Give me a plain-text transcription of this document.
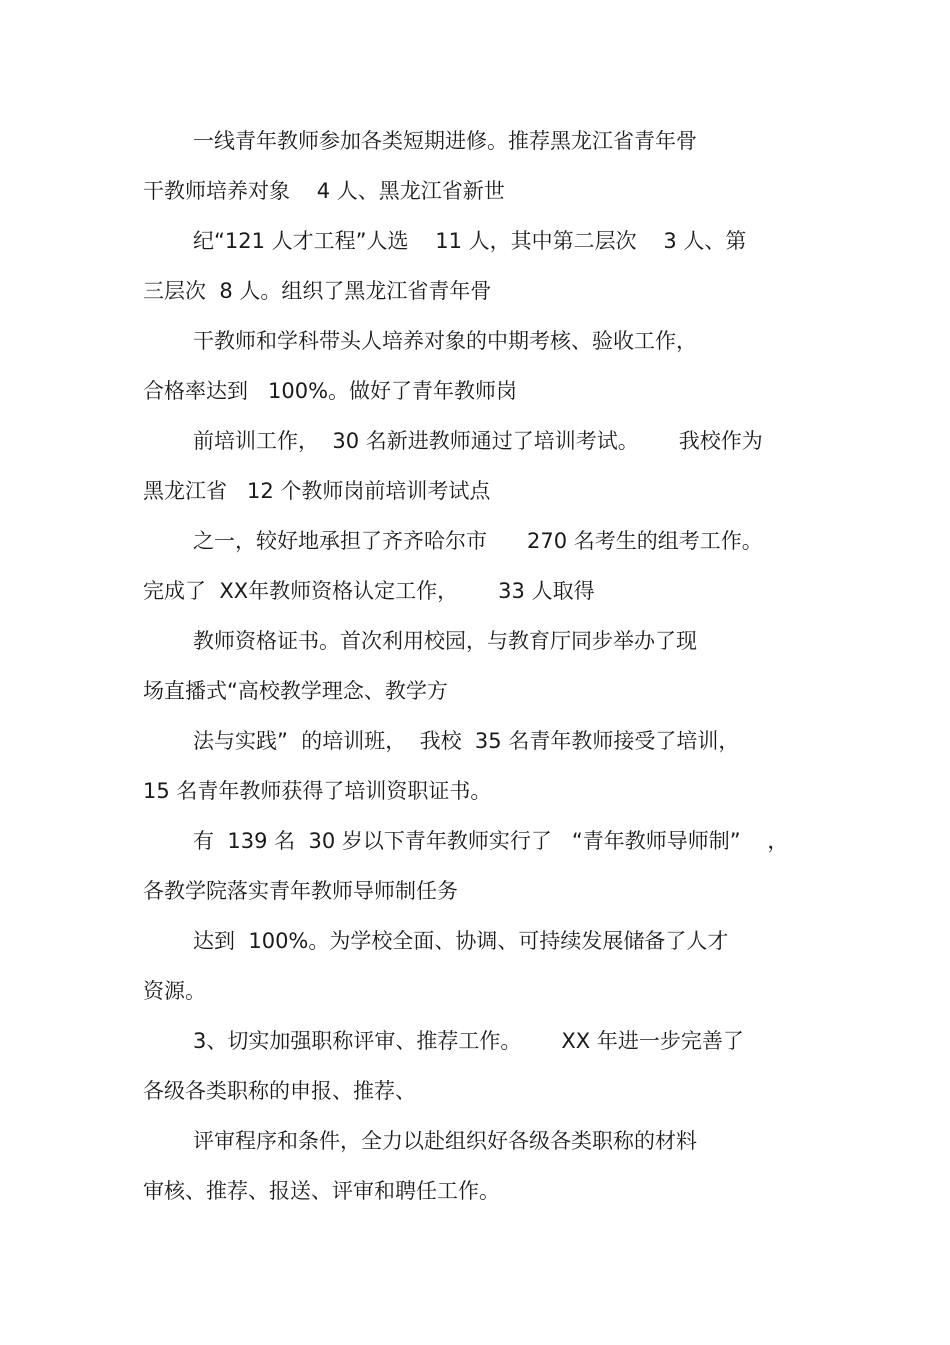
一线青年教师参加各类短期进修。推荐黑龙江省青年骨
干教师培养对象    4 人、黑龙江省新世
纪“121 人才工程”人选    11 人，其中第二层次    3 人、第
三层次  8 人。组织了黑龙江省青年骨
干教师和学科带头人培养对象的中期考核、验收工作，
合格率达到   100%。做好了青年教师岗
前培训工作，  30 名新进教师通过了培训考试。      我校作为
黑龙江省   12 个教师岗前培训考试点
之一，较好地承担了齐齐哈尔市      270 名考生的组考工作。
完成了  XX年教师资格认定工作，      33 人取得
教师资格证书。首次利用校园，与教育厅同步举办了现
场直播式“高校教学理念、教学方
法与实践”  的培训班，  我校  35 名青年教师接受了培训，
15 名青年教师获得了培训资职证书。
有  139 名  30 岁以下青年教师实行了   “青年教师导师制”    ，
各教学院落实青年教师导师制任务
达到  100%。为学校全面、协调、可持续发展储备了人才
资源。
3、切实加强职称评审、推荐工作。      XX 年进一步完善了
各级各类职称的申报、推荐、
评审程序和条件，全力以赴组织好各级各类职称的材料
审核、推荐、报送、评审和聘任工作。
